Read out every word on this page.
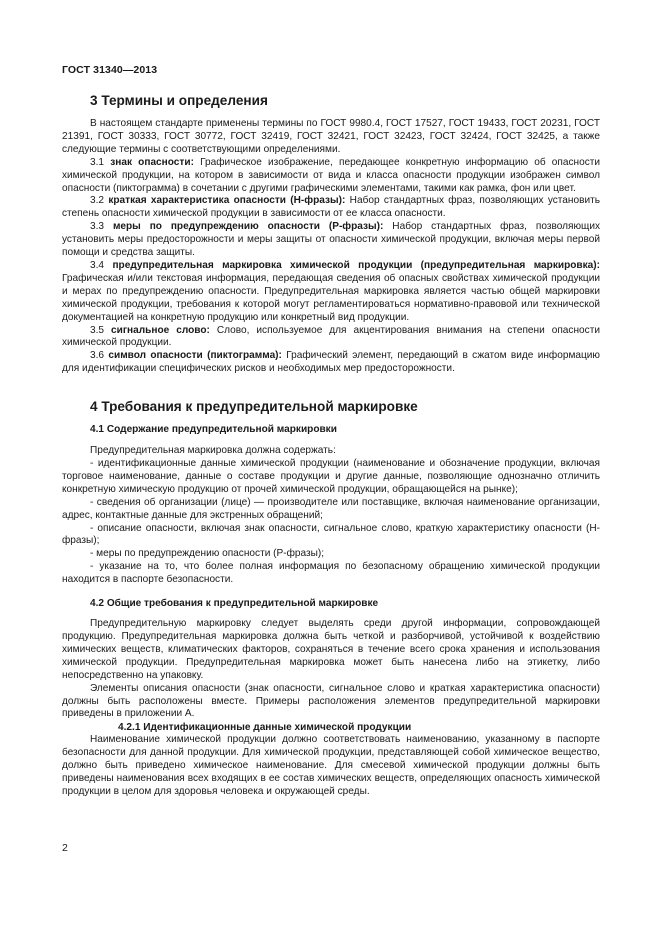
ГОСТ 31340—2013
3 Термины и определения

В настоящем стандарте применены термины по ГОСТ 9980.4, ГОСТ 17527, ГОСТ 19433, ГОСТ 20231, ГОСТ 21391, ГОСТ 30333, ГОСТ 30772, ГОСТ 32419, ГОСТ 32421, ГОСТ 32423, ГОСТ 32424, ГОСТ 32425, а также следующие термины с соответствующими определениями.

3.1 знак опасности: Графическое изображение, передающее конкретную информацию об опасности химической продукции, на котором в зависимости от вида и класса опасности продукции изображен символ опасности (пиктограмма) в сочетании с другими графическими элементами, такими как рамка, фон или цвет.

3.2 краткая характеристика опасности (Н-фразы): Набор стандартных фраз, позволяющих установить степень опасности химической продукции в зависимости от ее класса опасности.

3.3 меры по предупреждению опасности (Р-фразы): Набор стандартных фраз, позволяющих установить меры предосторожности и меры защиты от опасности химической продукции, включая меры первой помощи и средства защиты.

3.4 предупредительная маркировка химической продукции (предупредительная маркировка): Графическая и/или текстовая информация, передающая сведения об опасных свойствах химической продукции и мерах по предупреждению опасности. Предупредительная маркировка является частью общей маркировки химической продукции, требования к которой могут регламентироваться нормативно-правовой или технической документацией на конкретную продукцию или конкретный вид продукции.

3.5 сигнальное слово: Слово, используемое для акцентирования внимания на степени опасности химической продукции.

3.6 символ опасности (пиктограмма): Графический элемент, передающий в сжатом виде информацию для идентификации специфических рисков и необходимых мер предосторожности.

4 Требования к предупредительной маркировке
4.1 Содержание предупредительной маркировки

Предупредительная маркировка должна содержать:

- идентификационные данные химической продукции (наименование и обозначение продукции, включая торговое наименование, данные о составе продукции и другие данные, позволяющие однозначно отличить конкретную химическую продукцию от прочей химической продукции, обращающейся на рынке);

- сведения об организации (лице) — производителе или поставщике, включая наименование организации, адрес, контактные данные для экстренных обращений;

- описание опасности, включая знак опасности, сигнальное слово, краткую характеристику опасности (Н-фразы);

- меры по предупреждению опасности (Р-фразы);

- указание на то, что более полная информация по безопасному обращению химической продукции находится в паспорте безопасности.

4.2 Общие требования к предупредительной маркировке

Предупредительную маркировку следует выделять среди другой информации, сопровождающей продукцию. Предупредительная маркировка должна быть четкой и разборчивой, устойчивой к воздействию химических веществ, климатических факторов, сохраняться в течение всего срока хранения и использования химической продукции. Предупредительная маркировка может быть нанесена либо на этикетку, либо непосредственно на упаковку.

Элементы описания опасности (знак опасности, сигнальное слово и краткая характеристика опасности) должны быть расположены вместе. Примеры расположения элементов предупредительной маркировки приведены в приложении А.

4.2.1 Идентификационные данные химической продукции

Наименование химической продукции должно соответствовать наименованию, указанному в паспорте безопасности для данной продукции. Для химической продукции, представляющей собой химическое вещество, должно быть приведено химическое наименование. Для смесевой химической продукции должны быть приведены наименования всех входящих в ее состав химических веществ, определяющих опасность химической продукции в целом для здоровья человека и окружающей среды.

2
